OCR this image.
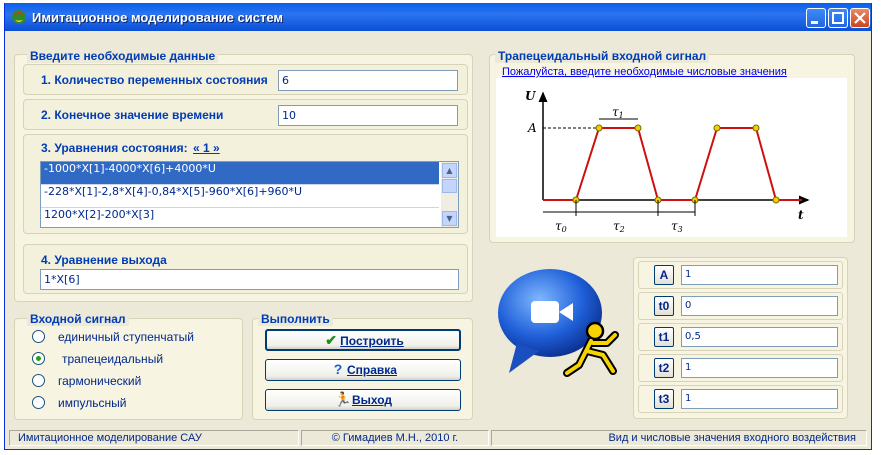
Имитационное моделирование систем
Введите необходимые данные
1. Количество переменных состояния	6
2. Конечное значение времени	10
3. Уравнения состояния: « 1 »
-1000*X[1]-4000*X[6]+4000*U
-228*X[1]-2,8*X[4]-0,84*X[5]-960*X[6]+960*U
1200*X[2]-200*X[3]
▲
▼
4. Уравнение выхода
1*X[6]
Входной сигнал
единичный ступенчатый
трапецеидальный
гармонический
импульсный
Выполнить
✔ Построить
? Справка
🏃Выход
Трапецеидальный входной сигнал
Пожалуйста, введите необходимые числовые значения
U
t
A
τ1
τ0	τ2	τ3
A	1
t0	0
t1	0,5
t2	1
t3	1
Имитационное моделирование САУ	© Гимадиев М.Н., 2010 г.	Вид и числовые значения входного воздействия
